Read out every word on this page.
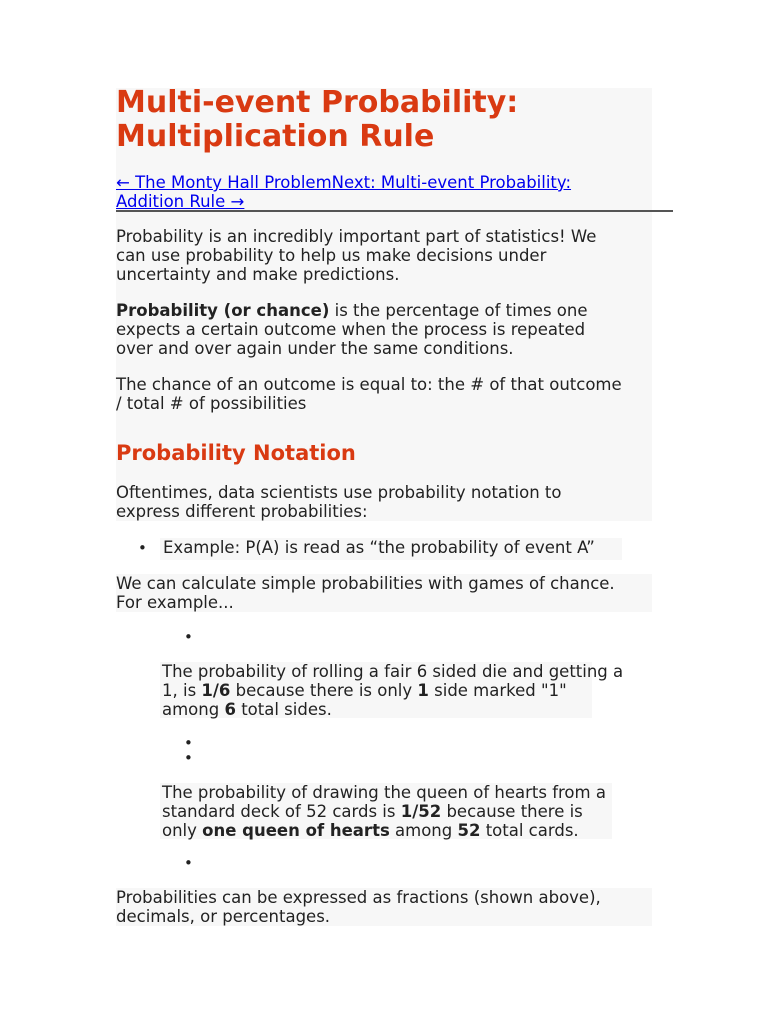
Multi-event Probability:
Multiplication Rule
← The Monty Hall ProblemNext: Multi-event Probability:
Addition Rule →
Probability is an incredibly important part of statistics! We
can use probability to help us make decisions under
uncertainty and make predictions.
Probability (or chance) is the percentage of times one
expects a certain outcome when the process is repeated
over and over again under the same conditions.
The chance of an outcome is equal to: the # of that outcome
/ total # of possibilities
Probability Notation
Oftentimes, data scientists use probability notation to
express different probabilities:
• Example: P(A) is read as “the probability of event A”
We can calculate simple probabilities with games of chance.
For example...
•
The probability of rolling a fair 6 sided die and getting a
1, is 1/6 because there is only 1 side marked "1"
among 6 total sides.
•
•
The probability of drawing the queen of hearts from a
standard deck of 52 cards is 1/52 because there is
only one queen of hearts among 52 total cards.
•
Probabilities can be expressed as fractions (shown above),
decimals, or percentages.
